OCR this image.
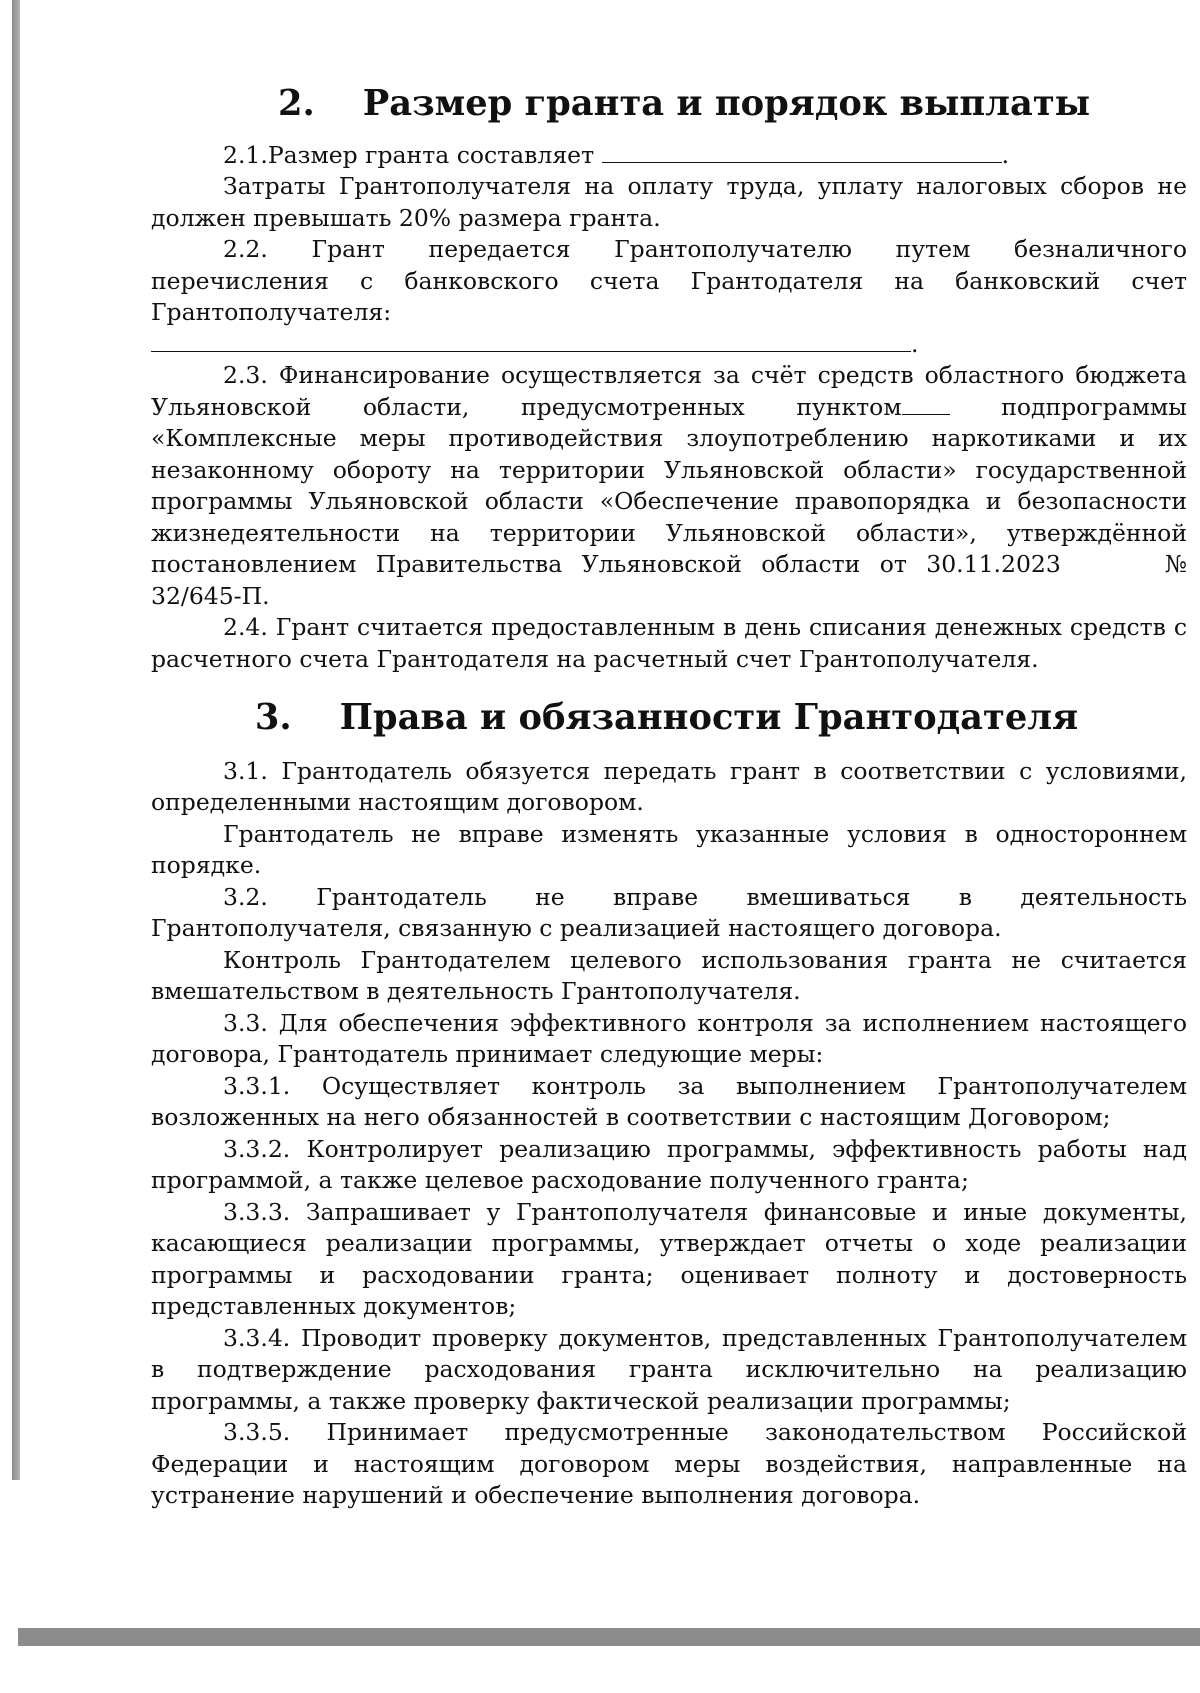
2. Размер гранта и порядок выплаты

2.1.Размер гранта составляет	.

Затраты Грантополучателя на оплату труда, уплату налоговых сборов не должен превышать 20% размера гранта.

2.2. Грант передается Грантополучателю путем безналичного перечисления с банковского счета Грантодателя на банковский счет Грантополучателя:

.

2.3. Финансирование осуществляется за счёт средств областного бюджета Ульяновской области, предусмотренных пунктом	подпрограммы «Комплексные меры противодействия злоупотреблению наркотиками и их незаконному обороту на территории Ульяновской области» государственной программы Ульяновской области «Обеспечение правопорядка и безопасности жизнедеятельности на территории Ульяновской области», утверждённой постановлением Правительства Ульяновской области от 30.11.2023	№ 32/645-П.

2.4. Грант считается предоставленным в день списания денежных средств с расчетного счета Грантодателя на расчетный счет Грантополучателя.

3. Права и обязанности Грантодателя

3.1. Грантодатель обязуется передать грант в соответствии с условиями, определенными настоящим договором.

Грантодатель не вправе изменять указанные условия в одностороннем порядке.

3.2. Грантодатель не вправе вмешиваться в деятельность Грантополучателя, связанную с реализацией настоящего договора.

Контроль Грантодателем целевого использования гранта не считается вмешательством в деятельность Грантополучателя.

3.3. Для обеспечения эффективного контроля за исполнением настоящего договора, Грантодатель принимает следующие меры:

3.3.1. Осуществляет контроль за выполнением Грантополучателем возложенных на него обязанностей в соответствии с настоящим Договором;

3.3.2. Контролирует реализацию программы, эффективность работы над программой, а также целевое расходование полученного гранта;

3.3.3. Запрашивает у Грантополучателя финансовые и иные документы, касающиеся реализации программы, утверждает отчеты о ходе реализации программы и расходовании гранта; оценивает полноту и достоверность представленных документов;

3.3.4. Проводит проверку документов, представленных Грантополучателем в подтверждение расходования гранта исключительно на реализацию программы, а также проверку фактической реализации программы;

3.3.5. Принимает предусмотренные законодательством Российской Федерации и настоящим договором меры воздействия, направленные на устранение нарушений и обеспечение выполнения договора.
